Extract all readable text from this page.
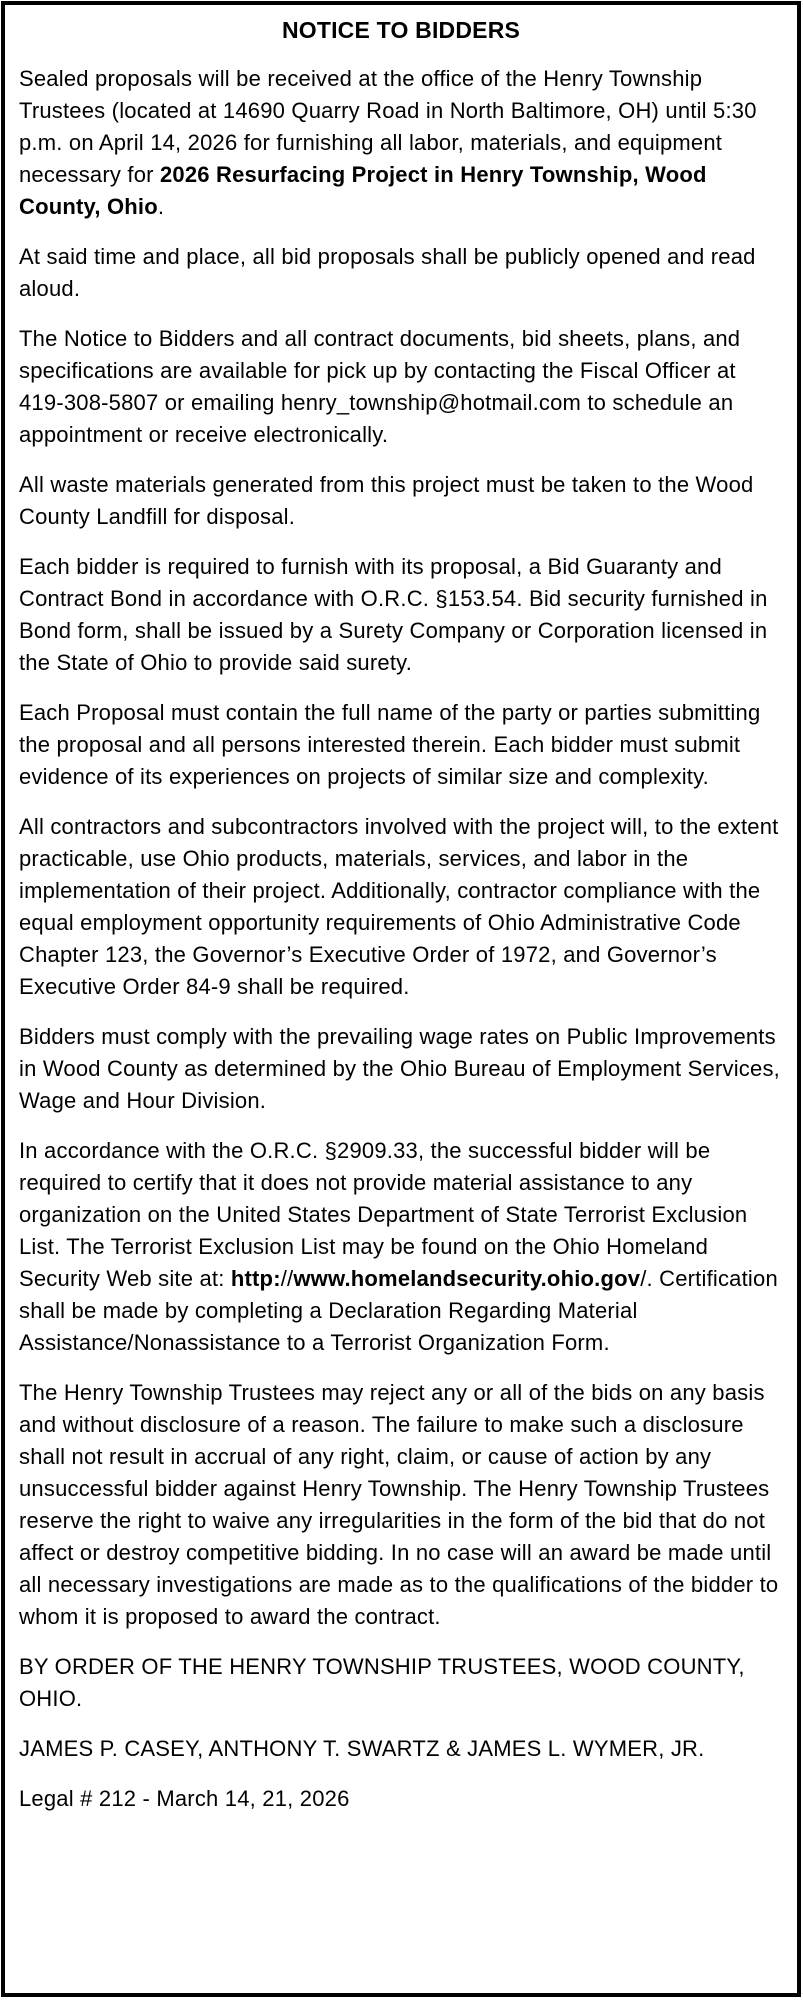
NOTICE TO BIDDERS

Sealed proposals will be received at the office of the Henry Township Trustees (located at 14690 Quarry Road in North Baltimore, OH) until 5:30 p.m. on April 14, 2026 for furnishing all labor, materials, and equipment necessary for 2026 Resurfacing Project in Henry Township, Wood County, Ohio.

At said time and place, all bid proposals shall be publicly opened and read aloud.

The Notice to Bidders and all contract documents, bid sheets, plans, and specifications are available for pick up by contacting the Fiscal Officer at 419-308-5807 or emailing henry_township@hotmail.com to schedule an appointment or receive electronically.

All waste materials generated from this project must be taken to the Wood County Landfill for disposal.

Each bidder is required to furnish with its proposal, a Bid Guaranty and Contract Bond in accordance with O.R.C. §153.54. Bid security furnished in Bond form, shall be issued by a Surety Company or Corporation licensed in the State of Ohio to provide said surety.

Each Proposal must contain the full name of the party or parties submitting the proposal and all persons interested therein. Each bidder must submit evidence of its experiences on projects of similar size and complexity.

All contractors and subcontractors involved with the project will, to the extent practicable, use Ohio products, materials, services, and labor in the implementation of their project. Additionally, contractor compliance with the equal employment opportunity requirements of Ohio Administrative Code Chapter 123, the Governor’s Executive Order of 1972, and Governor’s Executive Order 84-9 shall be required.

Bidders must comply with the prevailing wage rates on Public Improvements in Wood County as determined by the Ohio Bureau of Employment Services, Wage and Hour Division.

In accordance with the O.R.C. §2909.33, the successful bidder will be required to certify that it does not provide material assistance to any organization on the United States Department of State Terrorist Exclusion List. The Terrorist Exclusion List may be found on the Ohio Homeland Security Web site at: http://www.homelandsecurity.ohio.gov/. Certification shall be made by completing a Declaration Regarding Material Assistance/Nonassistance to a Terrorist Organization Form.

The Henry Township Trustees may reject any or all of the bids on any basis and without disclosure of a reason. The failure to make such a disclosure shall not result in accrual of any right, claim, or cause of action by any unsuccessful bidder against Henry Township. The Henry Township Trustees reserve the right to waive any irregularities in the form of the bid that do not affect or destroy competitive bidding. In no case will an award be made until all necessary investigations are made as to the qualifications of the bidder to whom it is proposed to award the contract.

BY ORDER OF THE HENRY TOWNSHIP TRUSTEES, WOOD COUNTY, OHIO.

JAMES P. CASEY, ANTHONY T. SWARTZ & JAMES L. WYMER, JR.

Legal # 212 - March 14, 21, 2026
